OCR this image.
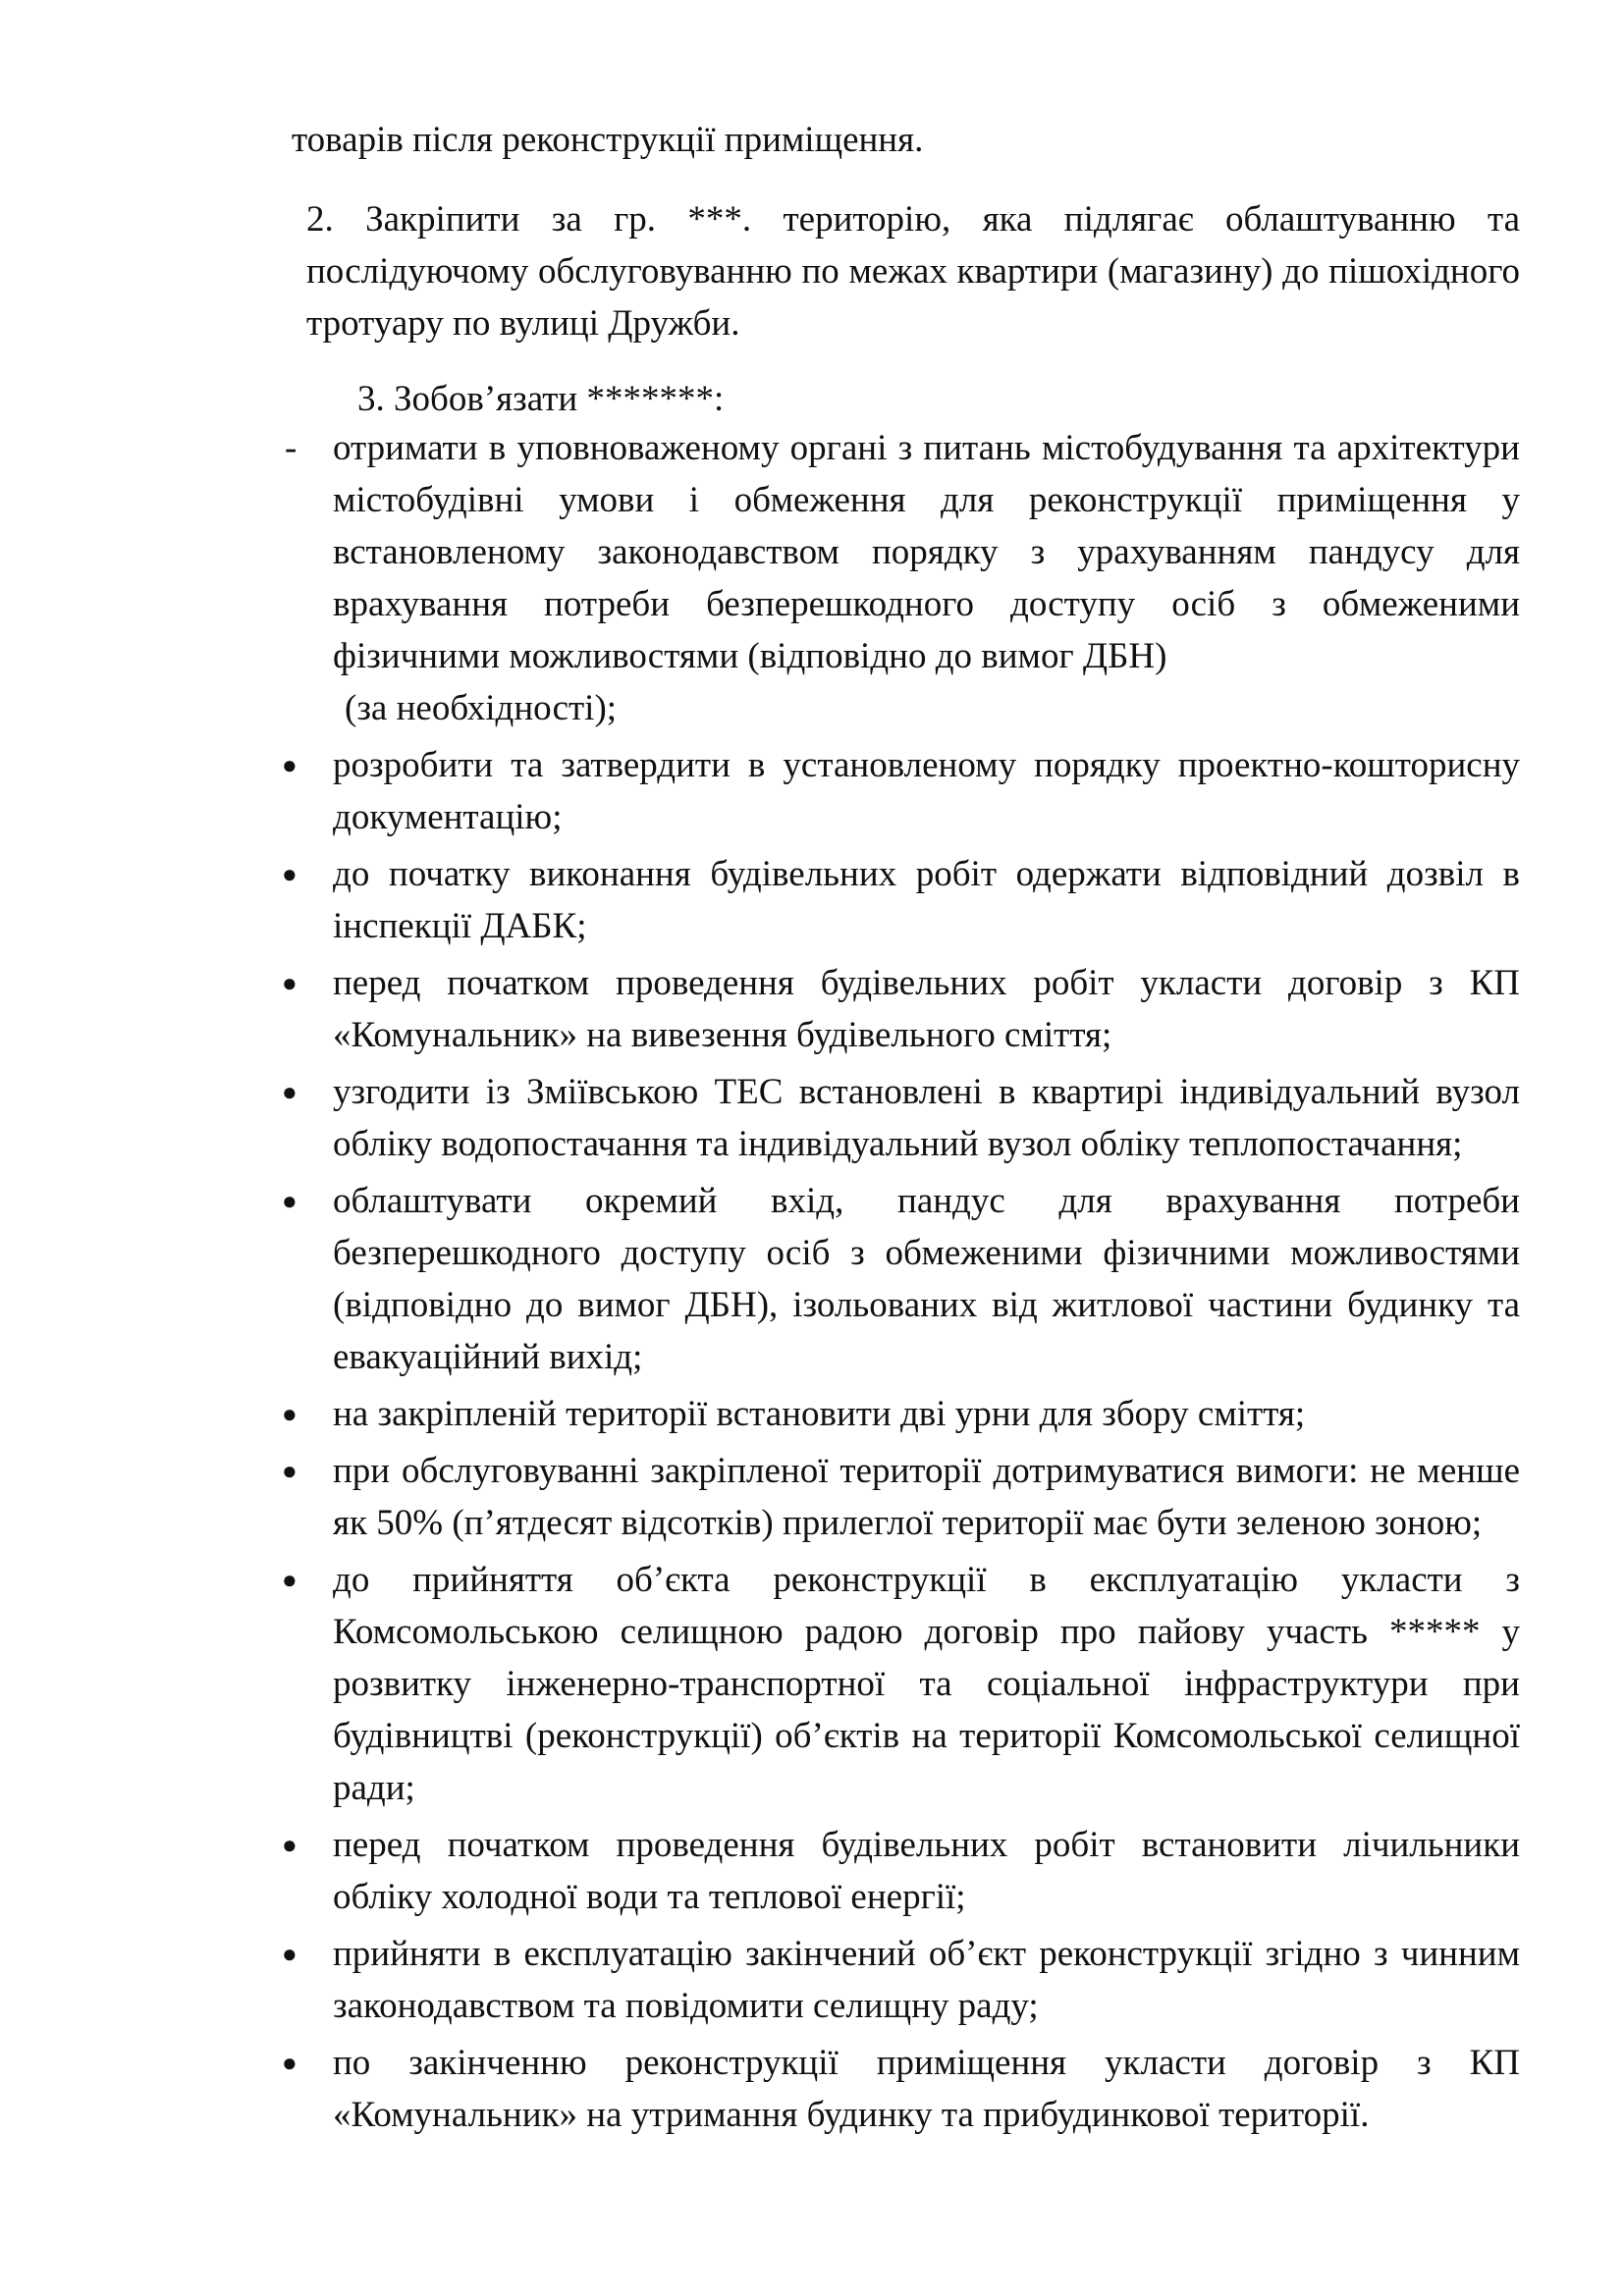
товарів після реконструкції приміщення.

2. Закріпити за гр. ***. територію, яка підлягає облаштуванню та послідуючому обслуговуванню по межах квартири (магазину) до пішохідного тротуару по вулиці Дружби.

3. Зобов’язати *******:

- отримати в уповноваженому органі з питань містобудування та архітектури містобудівні умови і обмеження для реконструкції приміщення у встановленому законодавством порядку з урахуванням пандусу для врахування потреби безперешкодного доступу осіб з обмеженими фізичними можливостями (відповідно до вимог ДБН)
(за необхідності);
● розробити та затвердити в установленому порядку проектно-кошторисну документацію;
● до початку виконання будівельних робіт одержати відповідний дозвіл в інспекції ДАБК;
● перед початком проведення будівельних робіт укласти договір з КП «Комунальник» на вивезення будівельного сміття;
● узгодити із Зміївською ТЕС встановлені в квартирі індивідуальний вузол обліку водопостачання та індивідуальний вузол обліку теплопостачання;
● облаштувати окремий вхід, пандус для врахування потреби безперешкодного доступу осіб з обмеженими фізичними можливостями (відповідно до вимог ДБН), ізольованих від житлової частини будинку та евакуаційний вихід;
● на закріпленій території встановити дві урни для збору сміття;
● при обслуговуванні закріпленої території дотримуватися вимоги: не менше як 50% (п’ятдесят відсотків) прилеглої території має бути зеленою зоною;
● до прийняття об’єкта реконструкції в експлуатацію укласти з Комсомольською селищною радою договір про пайову участь ***** у розвитку інженерно-транспортної та соціальної інфраструктури при будівництві (реконструкції) об’єктів на території Комсомольської селищної ради;
● перед початком проведення будівельних робіт встановити лічильники обліку холодної води та теплової енергії;
● прийняти в експлуатацію закінчений об’єкт реконструкції згідно з чинним законодавством та повідомити селищну раду;
● по закінченню реконструкції приміщення укласти договір з КП «Комунальник» на утримання будинку та прибудинкової території.
